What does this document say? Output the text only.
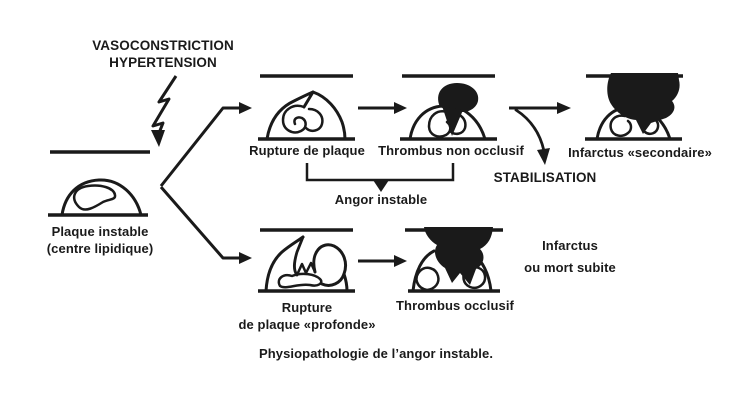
VASOCONSTRICTION
HYPERTENSION
Plaque instable
(centre lipidique)
Rupture de plaque Thrombus non occlusif	Infarctus «secondaire»
STABILISATION
Angor instable
Rupture
de plaque «profonde»
Thrombus occlusif
Infarctus
ou mort subite
Physiopathologie de l’angor instable.
